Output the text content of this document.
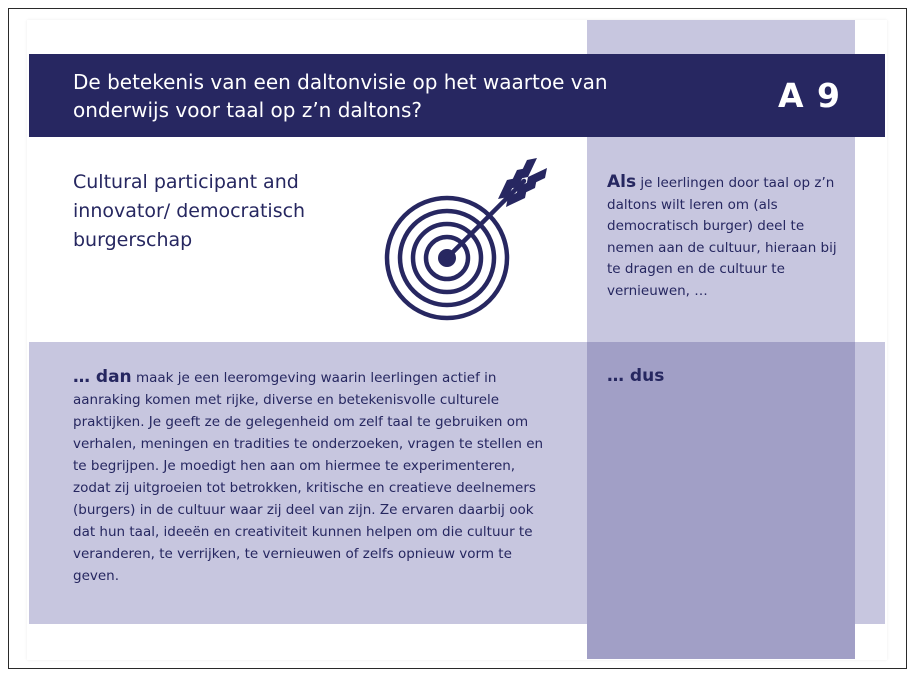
De betekenis van een daltonvisie op het waartoe van onderwijs voor taal op z’n daltons?	A 9
Cultural participant and innovator/ democratisch burgerschap
Als je leerlingen door taal op z’n daltons wilt leren om (als democratisch burger) deel te nemen aan de cultuur, hieraan bij te dragen en de cultuur te vernieuwen, …
… dan maak je een leeromgeving waarin leerlingen actief in aanraking komen met rijke, diverse en betekenisvolle culturele praktijken. Je geeft ze de gelegenheid om zelf taal te gebruiken om verhalen, meningen en tradities te onderzoeken, vragen te stellen en te begrijpen. Je moedigt hen aan om hiermee te experimenteren, zodat zij uitgroeien tot betrokken, kritische en creatieve deelnemers (burgers) in de cultuur waar zij deel van zijn. Ze ervaren daarbij ook dat hun taal, ideeën en creativiteit kunnen helpen om die cultuur te veranderen, te verrijken, te vernieuwen of zelfs opnieuw vorm te geven.
… dus
